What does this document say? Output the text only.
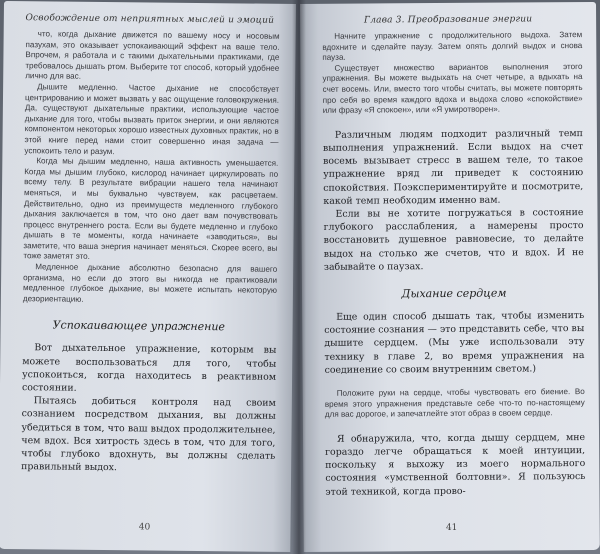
Освобождение от неприятных мыслей и эмоций

что, когда дыхание движется по вашему носу и носовым пазухам, это оказывает успокаивающий эффект на ваше тело. Впрочем, я работала и с такими дыхательными практиками, где требовалось дышать ртом. Выберите тот способ, который удобнее лично для вас.

Дышите медленно. Частое дыхание не способствует центрированию и может вызвать у вас ощущение головокружения. Да, существуют дыхательные практики, использующие частое дыхание для того, чтобы вызвать приток энергии, и они являются компонентом некоторых хорошо известных духовных практик, но в этой книге перед нами стоит совершенно иная задача — успокоить тело и разум.

Когда мы дышим медленно, наша активность уменьшается. Когда мы дышим глубоко, кислород начинает циркулировать по всему телу. В результате вибрации нашего тела начинают меняться, и мы буквально чувствуем, как расцветаем. Действительно, одно из преимуществ медленного глубокого дыхания заключается в том, что оно дает вам почувствовать процесс внутреннего роста. Если вы будете медленно и глубоко дышать в те моменты, когда начинаете «заводиться», вы заметите, что ваша энергия начинает меняться. Скорее всего, вы тоже заметят это.

Медленное дыхание абсолютно безопасно для вашего организма, но если до этого вы никогда не практиковали медленное глубокое дыхание, вы можете испытать некоторую дезориентацию.

Успокаивающее упражнение

Вот дыхательное упражнение, которым вы можете воспользоваться для того, чтобы успокоиться, когда находитесь в реактивном состоянии.

Пытаясь добиться контроля над своим сознанием посредством дыхания, вы должны убедиться в том, что ваш выдох продолжительнее, чем вдох. Вся хитрость здесь в том, что для того, чтобы глубоко вдохнуть, вы должны сделать правильный выдох.

40
Глава 3. Преобразование энергии

Начните упражнение с продолжительного выдоха. Затем вдохните и сделайте паузу. Затем опять долгий выдох и снова пауза.

Существует множество вариантов выполнения этого упражнения. Вы можете выдыхать на счет четыре, а вдыхать на счет восемь. Или, вместо того чтобы считать, вы можете повторять про себя во время каждого вдоха и выдоха слово «спокойствие» или фразу «Я спокоен», или «Я умиротворен».

Различным людям подходит различный темп выполнения упражнений. Если выдох на счет восемь вызывает стресс в вашем теле, то такое упражнение вряд ли приведет к состоянию спокойствия. Поэкспериментируйте и посмотрите, какой темп необходим именно вам.

Если вы не хотите погружаться в состояние глубокого расслабления, а намерены просто восстановить душевное равновесие, то делайте выдох на столько же счетов, что и вдох. И не забывайте о паузах.

Дыхание сердцем

Еще один способ дышать так, чтобы изменить состояние сознания — это представить себе, что вы дышите сердцем. (Мы уже использовали эту технику в главе 2, во время упражнения на соединение со своим внутренним светом.)

Положите руки на сердце, чтобы чувствовать его биение. Во время этого упражнения представьте себе что-то по-настоящему для вас дорогое, и запечатлейте этот образ в своем сердце.

Я обнаружила, что, когда дышу сердцем, мне гораздо легче обращаться к моей интуиции, поскольку я выхожу из моего нормального состояния «умственной болтовни». Я пользуюсь этой техникой, когда прово-

41
